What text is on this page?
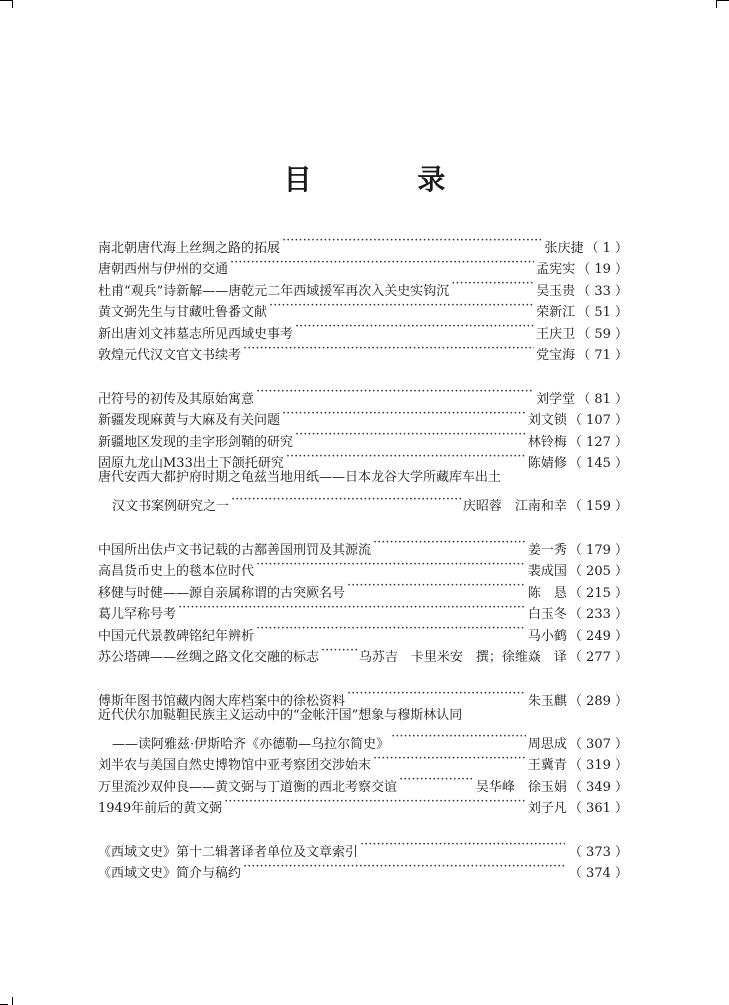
目 录
南北朝唐代海上丝绸之路的拓展 ·····	张庆捷 （ 1 ）
唐朝西州与伊州的交通 ·····	孟宪实 （ 19 ）
杜甫“观兵”诗新解——唐乾元二年西域援军再次入关史实钩沉 ·····	吴玉贵 （ 33 ）
黄文弼先生与甘藏吐鲁番文献 ·····	荣新江 （ 51 ）
新出唐刘文祎墓志所见西域史事考 ·····	王庆卫 （ 59 ）
敦煌元代汉文官文书续考 ·····	党宝海 （ 71 ）
卍符号的初传及其原始寓意 ·····	刘学堂 （ 81 ）
新疆发现麻黄与大麻及有关问题 ·····	刘文锁 （ 107 ）
新疆地区发现的圭字形剑鞘的研究 ·····	林铃梅 （ 127 ）
固原九龙山M33出土下颌托研究 ·····	陈婧修 （ 145 ）
唐代安西大都护府时期之龟兹当地用纸——日本龙谷大学所藏库车出土
汉文书案例研究之一 ·····	庆昭蓉　江南和幸 （ 159 ）
中国所出佉卢文书记载的古鄯善国刑罚及其源流 ·····	姜一秀 （ 179 ）
高昌货币史上的毯本位时代 ·····	裴成国 （ 205 ）
移健与时健——源自亲属称谓的古突厥名号 ·····	陈　恳 （ 215 ）
葛儿罕称号考 ·····	白玉冬 （ 233 ）
中国元代景教碑铭纪年辨析 ·····	马小鹤 （ 249 ）
苏公塔碑——丝绸之路文化交融的标志 ·····	乌苏吉　卡里米安　撰；徐维焱　译 （ 277 ）
傅斯年图书馆藏内阁大库档案中的徐松资料 ·····	朱玉麒 （ 289 ）
近代伏尔加鞑靼民族主义运动中的“金帐汗国”想象与穆斯林认同
——读阿雅兹·伊斯哈齐《亦德勒—乌拉尔简史》 ·····	周思成 （ 307 ）
刘半农与美国自然史博物馆中亚考察团交涉始末 ·····	王冀青 （ 319 ）
万里流沙双仲良——黄文弼与丁道衡的西北考察交谊 ·····	吴华峰　徐玉娟 （ 349 ）
1949年前后的黄文弼 ·····	刘子凡 （ 361 ）
《西域文史》第十二辑著译者单位及文章索引 ·····	（ 373 ）
《西域文史》简介与稿约 ·····	（ 374 ）
